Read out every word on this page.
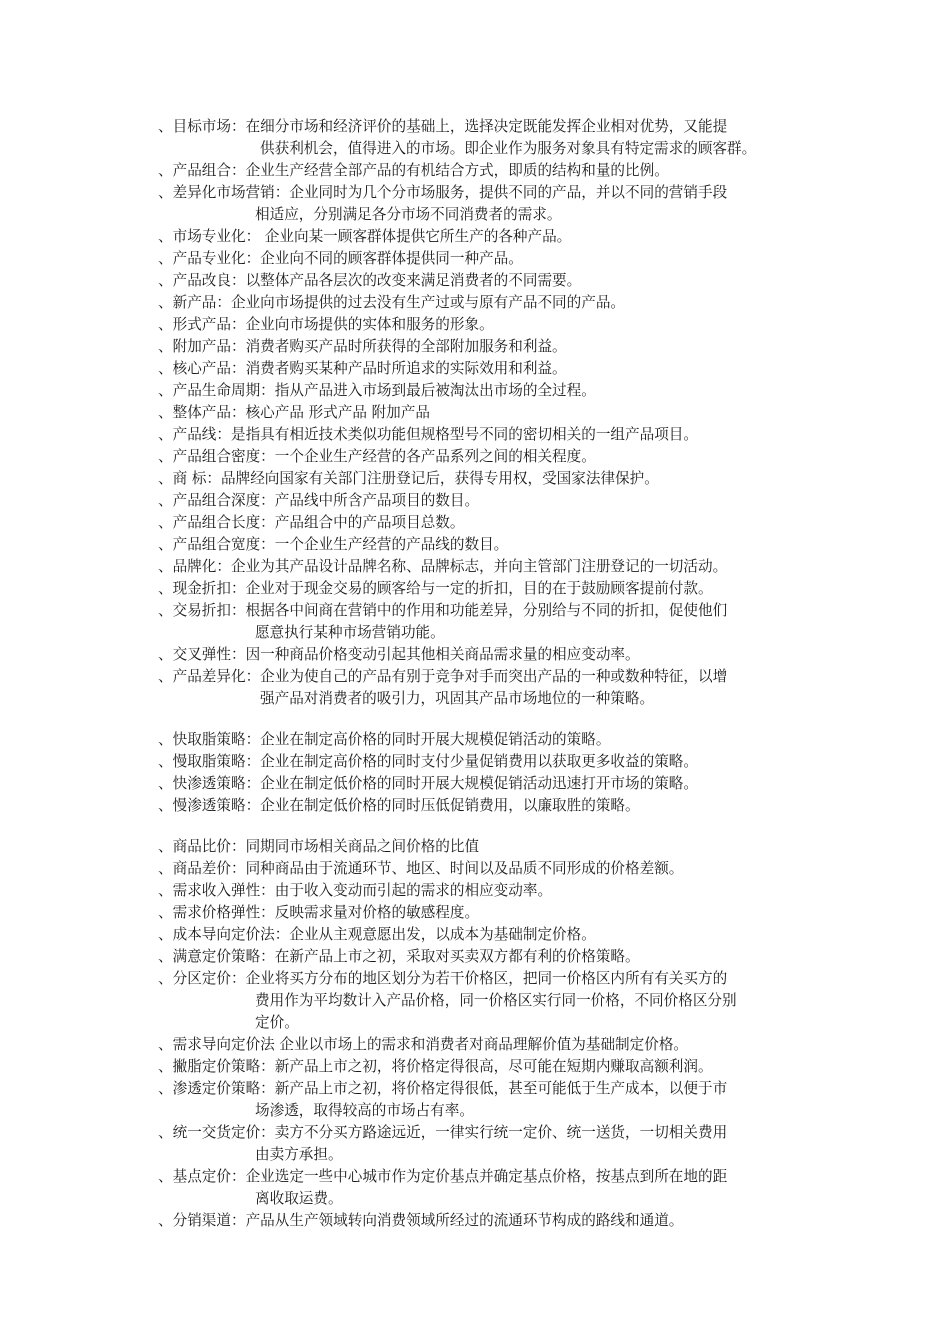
、目标市场：在细分市场和经济评价的基础上，选择决定既能发挥企业相对优势，又能提
供获利机会，值得进入的市场。即企业作为服务对象具有特定需求的顾客群。
、产品组合：企业生产经营全部产品的有机结合方式，即质的结构和量的比例。
、差异化市场营销：企业同时为几个分市场服务，提供不同的产品，并以不同的营销手段
相适应，分别满足各分市场不同消费者的需求。
、市场专业化： 企业向某一顾客群体提供它所生产的各种产品。
、产品专业化：企业向不同的顾客群体提供同一种产品。
、产品改良：以整体产品各层次的改变来满足消费者的不同需要。
、新产品：企业向市场提供的过去没有生产过或与原有产品不同的产品。
、形式产品：企业向市场提供的实体和服务的形象。
、附加产品：消费者购买产品时所获得的全部附加服务和利益。
、核心产品：消费者购买某种产品时所追求的实际效用和利益。
、产品生命周期：指从产品进入市场到最后被淘汰出市场的全过程。
、整体产品：核心产品 形式产品 附加产品
、产品线：是指具有相近技术类似功能但规格型号不同的密切相关的一组产品项目。
、产品组合密度：一个企业生产经营的各产品系列之间的相关程度。
、商 标：品牌经向国家有关部门注册登记后，获得专用权，受国家法律保护。
、产品组合深度：产品线中所含产品项目的数目。
、产品组合长度：产品组合中的产品项目总数。
、产品组合宽度：一个企业生产经营的产品线的数目。
、品牌化：企业为其产品设计品牌名称、品牌标志，并向主管部门注册登记的一切活动。
、现金折扣：企业对于现金交易的顾客给与一定的折扣，目的在于鼓励顾客提前付款。
、交易折扣：根据各中间商在营销中的作用和功能差异，分别给与不同的折扣，促使他们
愿意执行某种市场营销功能。
、交叉弹性：因一种商品价格变动引起其他相关商品需求量的相应变动率。
、产品差异化：企业为使自己的产品有别于竞争对手而突出产品的一种或数种特征，以增
强产品对消费者的吸引力，巩固其产品市场地位的一种策略。
、快取脂策略：企业在制定高价格的同时开展大规模促销活动的策略。
、慢取脂策略：企业在制定高价格的同时支付少量促销费用以获取更多收益的策略。
、快渗透策略：企业在制定低价格的同时开展大规模促销活动迅速打开市场的策略。
、慢渗透策略：企业在制定低价格的同时压低促销费用，以廉取胜的策略。
、商品比价：同期同市场相关商品之间价格的比值
、商品差价：同种商品由于流通环节、地区、时间以及品质不同形成的价格差额。
、需求收入弹性：由于收入变动而引起的需求的相应变动率。
、需求价格弹性：反映需求量对价格的敏感程度。
、成本导向定价法：企业从主观意愿出发，以成本为基础制定价格。
、满意定价策略：在新产品上市之初，采取对买卖双方都有利的价格策略。
、分区定价：企业将买方分布的地区划分为若干价格区，把同一价格区内所有有关买方的
费用作为平均数计入产品价格，同一价格区实行同一价格，不同价格区分别
定价。
、需求导向定价法 企业以市场上的需求和消费者对商品理解价值为基础制定价格。
、撇脂定价策略：新产品上市之初，将价格定得很高，尽可能在短期内赚取高额利润。
、渗透定价策略：新产品上市之初，将价格定得很低，甚至可能低于生产成本，以便于市
场渗透，取得较高的市场占有率。
、统一交货定价：卖方不分买方路途远近，一律实行统一定价、统一送货，一切相关费用
由卖方承担。
、基点定价：企业选定一些中心城市作为定价基点并确定基点价格，按基点到所在地的距
离收取运费。
、分销渠道：产品从生产领域转向消费领域所经过的流通环节构成的路线和通道。
